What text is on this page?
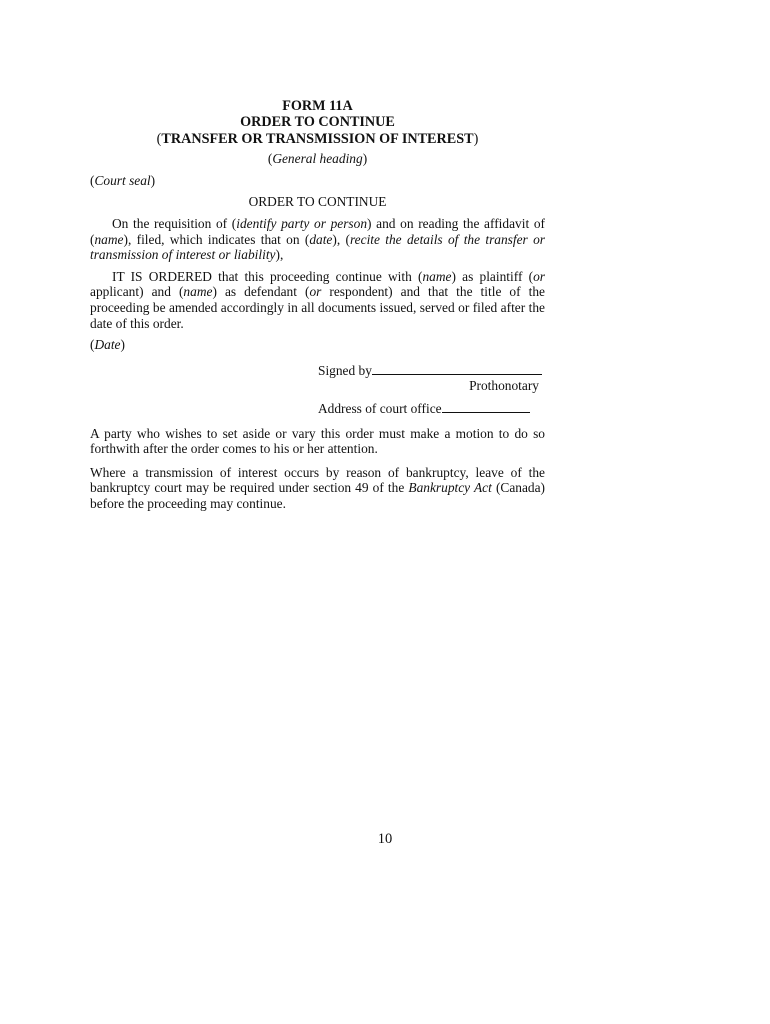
FORM 11A
ORDER TO CONTINUE
(TRANSFER OR TRANSMISSION OF INTEREST)
(General heading)
(Court seal)
ORDER TO CONTINUE
On the requisition of (identify party or person) and on reading the affidavit of (name), filed, which indicates that on (date), (recite the details of the transfer or transmission of interest or liability),
IT IS ORDERED that this proceeding continue with (name) as plaintiff (or applicant) and (name) as defendant (or respondent) and that the title of the proceeding be amended accordingly in all documents issued, served or filed after the date of this order.
(Date)
Signed by
Prothonotary
Address of court office
A party who wishes to set aside or vary this order must make a motion to do so forthwith after the order comes to his or her attention.
Where a transmission of interest occurs by reason of bankruptcy, leave of the bankruptcy court may be required under section 49 of the Bankruptcy Act (Canada) before the proceeding may continue.
10
